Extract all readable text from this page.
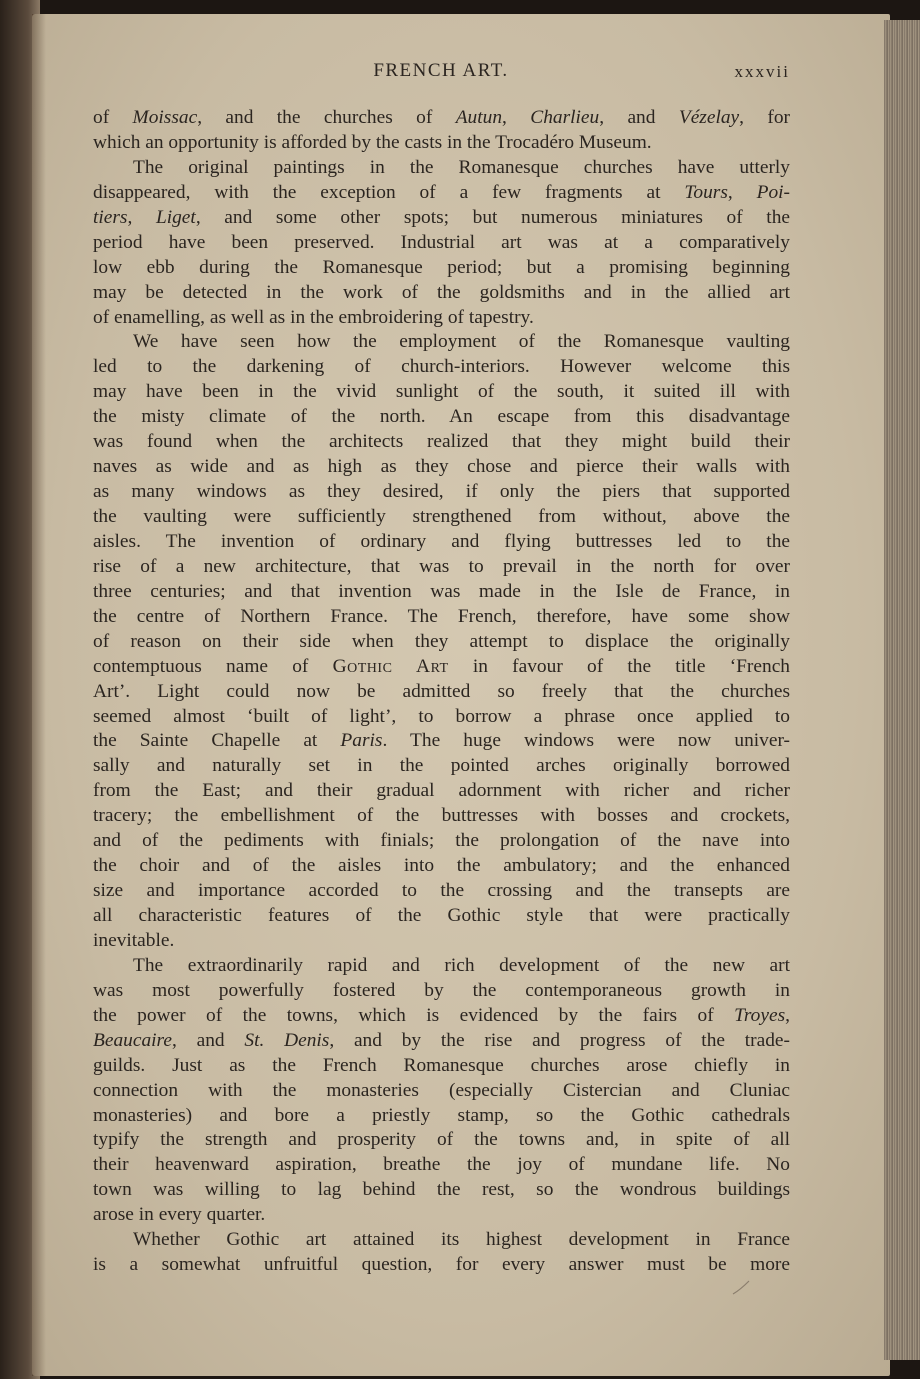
FRENCH ART.	xxxvii
of Moissac, and the churches of Autun, Charlieu, and Vézelay, for
which an opportunity is afforded by the casts in the Trocadéro Museum.
The original paintings in the Romanesque churches have utterly
disappeared, with the exception of a few fragments at Tours, Poi-
tiers, Liget, and some other spots; but numerous miniatures of the
period have been preserved. Industrial art was at a comparatively
low ebb during the Romanesque period; but a promising beginning
may be detected in the work of the goldsmiths and in the allied art
of enamelling, as well as in the embroidering of tapestry.
We have seen how the employment of the Romanesque vaulting
led to the darkening of church-interiors. However welcome this
may have been in the vivid sunlight of the south, it suited ill with
the misty climate of the north. An escape from this disadvantage
was found when the architects realized that they might build their
naves as wide and as high as they chose and pierce their walls with
as many windows as they desired, if only the piers that supported
the vaulting were sufficiently strengthened from without, above the
aisles. The invention of ordinary and flying buttresses led to the
rise of a new architecture, that was to prevail in the north for over
three centuries; and that invention was made in the Isle de France, in
the centre of Northern France. The French, therefore, have some show
of reason on their side when they attempt to displace the originally
contemptuous name of Gothic Art in favour of the title ‘French
Art’. Light could now be admitted so freely that the churches
seemed almost ‘built of light’, to borrow a phrase once applied to
the Sainte Chapelle at Paris. The huge windows were now univer-
sally and naturally set in the pointed arches originally borrowed
from the East; and their gradual adornment with richer and richer
tracery; the embellishment of the buttresses with bosses and crockets,
and of the pediments with finials; the prolongation of the nave into
the choir and of the aisles into the ambulatory; and the enhanced
size and importance accorded to the crossing and the transepts are
all characteristic features of the Gothic style that were practically
inevitable.
The extraordinarily rapid and rich development of the new art
was most powerfully fostered by the contemporaneous growth in
the power of the towns, which is evidenced by the fairs of Troyes,
Beaucaire, and St. Denis, and by the rise and progress of the trade-
guilds. Just as the French Romanesque churches arose chiefly in
connection with the monasteries (especially Cistercian and Cluniac
monasteries) and bore a priestly stamp, so the Gothic cathedrals
typify the strength and prosperity of the towns and, in spite of all
their heavenward aspiration, breathe the joy of mundane life. No
town was willing to lag behind the rest, so the wondrous buildings
arose in every quarter.
Whether Gothic art attained its highest development in France
is a somewhat unfruitful question, for every answer must be more
